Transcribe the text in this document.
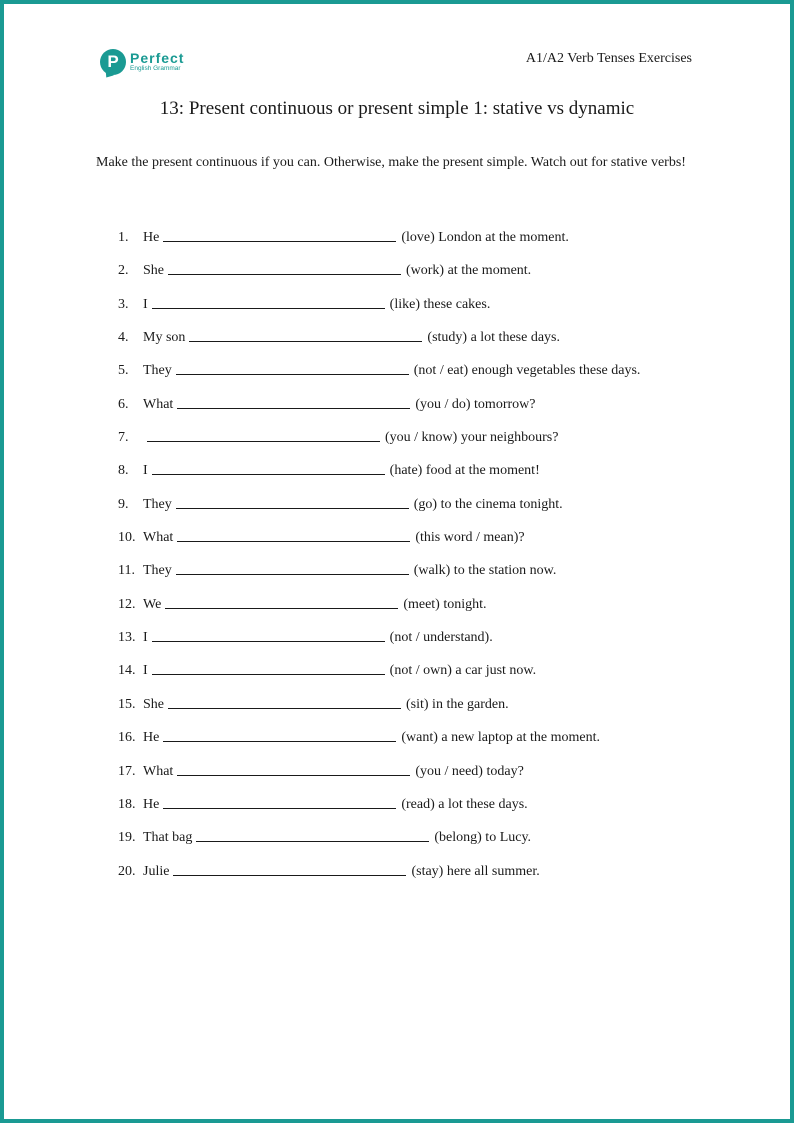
P Perfect
English Grammar
A1/A2 Verb Tenses Exercises
13: Present continuous or present simple 1: stative vs dynamic
Make the present continuous if you can. Otherwise, make the present simple. Watch out for stative verbs!
1.	He	(love) London at the moment.
2.	She	(work) at the moment.
3.	I	(like) these cakes.
4.	My son	(study) a lot these days.
5.	They	(not / eat) enough vegetables these days.
6.	What	(you / do) tomorrow?
7.	(you / know) your neighbours?
8.	I	(hate) food at the moment!
9.	They	(go) to the cinema tonight.
10. What	(this word / mean)?
11. They	(walk) to the station now.
12. We	(meet) tonight.
13. I	(not / understand).
14. I	(not / own) a car just now.
15. She	(sit) in the garden.
16. He	(want) a new laptop at the moment.
17. What	(you / need) today?
18. He	(read) a lot these days.
19. That bag	(belong) to Lucy.
20. Julie	(stay) here all summer.
